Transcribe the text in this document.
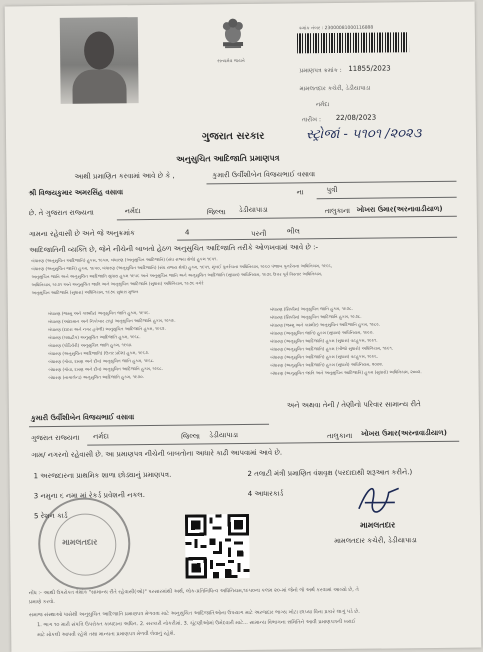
સત્યમેવ જયતે
ક્રમાંક નંબર : 23000081000116888
પ્રમાણપત્ર ક્રમાંક : 11855/2023
મામલતદાર કચેરી, ડેડીયાપાડા
નર્મદા
તારીખ : 22/08/2023
ગુજરાત સરકાર	સ્ટ્રોજાં - ૫૧૦૧ /૨૦૨૩
અનુસુચિત આદિજાતિ પ્રમાણપત્ર
આથી પ્રમાણિત કરવામાં આવે છે કે ,	કુમારી ઉર્વીશીબેન વિજયભાઈ વસાવા
શ્રી વિજયકુમાર અમરસિંહ વસાવા	ના	પુત્રી
છે. તે ગુજરાત રાજ્યના	નર્મદા	જિલ્લા ડેડીયાપાડા	તાલુકાના ખોખરા ઉમાર(અરનાવાડીયાળ)
ગામના રહેવાસી છે અને જે અનુક્રમાંક	4	પરની	ભીલ
આદિજાતિની વ્યક્તિ છે, જેને નીચેની બાબતો હેઠળ અનુસુચિત આદિજાતિ તરીકે ઓળખવામાં આવે છે :-
બંધારણ (અનુસુચિત આદિજાતિ) હુકમ, ૧૯૫૦, બંધારણ (અનુસુચિત આદિજાતિ) (સંઘ રાજ્ય ક્ષેત્રો) હુકમ ૧૯૫૧.
બંધારણ (અનુસુચિત જાતિ) હુકમ, ૧૯૫૦, બંધારણ (અનુસુચિત આદિજાતિ) (સંઘ રાજ્ય ક્ષેત્રો) હુકમ, ૧૯૫૧, મુંબઈ પુનર્રચના અધિનિયમ, ૧૯૬૦ પંજાબ પુનર્રચના અધિનિયમ, ૧૯૬૬,
અનુસુચિત જાતિ અને અનુસુચિત આદિજાતિ સુધારા હુકમ ૧૯૫૬ અને અનુસુચિત જાતિ અને અનુસુચિત આદિજાતિ (સુધારા) અધિનિયમ, ૧૯૭૬ ઉત્તર પૂર્વ વિસ્તાર અધિનિયમ,
અધિનિયમ, ૧૯૭૧ અને અનુસુચિત જાતિ અને અનુસુચિત આદિજાતિ (સુધારા) અધિનિયમ, ૧૯૭૬ વગેરે
અનુસુચિત આદિજાતિ (સુધારા) અધિનિયમ, ૧૯૭૬ સુધારા મુજબ
બંધારણ (જમ્મુ અને કાશ્મીર) અનુસુચિત જાતિ હુકમ, ૧૯૫૬.
બંધારણ (આંદામાન અને નિકોબાર ટાપુ) અનુસુચિત આદિજાતિ હુકમ, ૧૯૫૯.
બંધારણ (દાદરા અને નગર હવેલી) અનુસુચિત આદિજાતિ હુકમ, ૧૯૬૨.
બંધારણ (લક્ષદ્વીપ) અનુસુચિત આદિજાતિ હુકમ, ૧૯૬૮.
બંધારણ (પોંડિચેરી) અનુસુચિત જાતિ હુકમ, ૧૯૬૪.
બંધારણ (અનુસુચિત આદિજાતિ) (ઉત્તર પ્રદેશ) હુકમ, ૧૯૬૭.
બંધારણ (ગોવા, દમણ અને દીવ) અનુસુચિત જાતિ હુકમ, ૧૯૬૮.
બંધારણ (ગોવા, દમણ અને દીવ) અનુસુચિત આદિજાતિ હુકમ, ૧૯૬૮.
બંધારણ (નાગાલેન્ડ) અનુસુચિત આદિજાતિ હુકમ, ૧૯૭૦.
બંધારણ (સિક્કીમ) અનુસુચિત જાતિ હુકમ, ૧૯૭૮.
બંધારણ (સિક્કીમ) અનુસુચિત આદિજાતિ હુકમ, ૧૯૭૮.
બંધારણ (જમ્મુ અને કાશ્મીર) અનુસુચિત આદિજાતિ હુકમ, ૧૯૮૯.
બંધારણ (અનુસુચિત જાતિ) હુકમ (સુધારા) અધિનિયમ, ૧૯૯૦.
બંધારણ (અનુસુચિત આદિજાતિ) હુકમ (સુધારા) વટહુકમ, ૧૯૯૧.
બંધારણ (અનુસુચિત આદિજાતિ) હુકમ (બીજો સુધારો) અધિનિયમ, ૧૯૯૧.
બંધારણ (અનુસુચિત આદિજાતિ) હુકમ (સુધારા) વટહુકમ, ૧૯૯૬.
બંધારણ (અનુસુચિત આદિજાતિ) હુકમ (સુધારો) અધિનિયમ, ૨૦૦૨.
બંધારણ (અનુસુચિત જાતિ અને અનુસુચિત આદિજાતિ) હુકમ (સુધારો) અધિનિયમ, ૨૦૦૨.
અને અથવા તેની / તેણીનો પરિવાર સામાન્ય રીતે
કુમારી ઉર્વીશીબેન વિજયભાઈ વસાવા
ગુજરાત રાજ્યના નર્મદા	જિલ્લા ડેડીયાપાડા	તાલુકાના ખોખરા ઉમાર(અરનાવાડીયાળ)
ગામ/ નગરનો રહેવાસી છે. આ પ્રમાણપત્ર નીચેની બાબતોના આધારે કાઢી આપવામાં આવે છે.
1 અરજદારના પ્રાથમિક શાળા છોડ્યાનું પ્રમાણપત્ર.	2 તલાટી મંત્રી પ્રમાણિત વંશવૃક્ષ (પરદાદાથી શરૂઆત કરીને.)
3 નમુના ૬ નમા માં રેકર્ડ પ્રવેશની નકલ.	4 આધારકાર્ડ
5 રેશન કાર્ડ
મામલતદાર
મામલતદાર
મામલતદાર કચેરી, ડેડીયાપાડા
નોંધ :- આથી ઉપરોક્ત વેશાંક "સામાન્ય રીતે રહેવાસી(ઓ)" પરસારમાંથી અર્થ, લોક-પ્રતિનિધિત્વ અધિનિયમ,૧૯૫૦ના કલમ ૨૦-માં જેનો જે અર્થ કરવામાં આવ્યો છે, તે
પ્રમાણે કરવો.
સમાજ સંસ્થાઓ પાસેથી અનુસુચિત આદિજાતિ પ્રમાણપત્ર મેળવવા માટે અનુસુચિત આદિજાતિઓના ઉપયાગ માટે અરજદાર ભાગ્ય ખોટા છાપ્યા વિના પ્રકારે લાગું પડે છે.
1. ભાગ ૧૦ મારી સંપત્તિ ઉપરોક્ત કાયદાના અધિન. 2. સરકારી નોકરીમાં. 3. ચૂંટણીઓમાં ઉમેદવારી માટે... સામાન્ય વિભાગના સમિતિને આવી પ્રમાણપત્રની ખરાઈ
માટે મોકલી આપવી રહેશે તથા માન્યતા પ્રમાણપત્ર મેળવી લેવાનું રહેશે.
